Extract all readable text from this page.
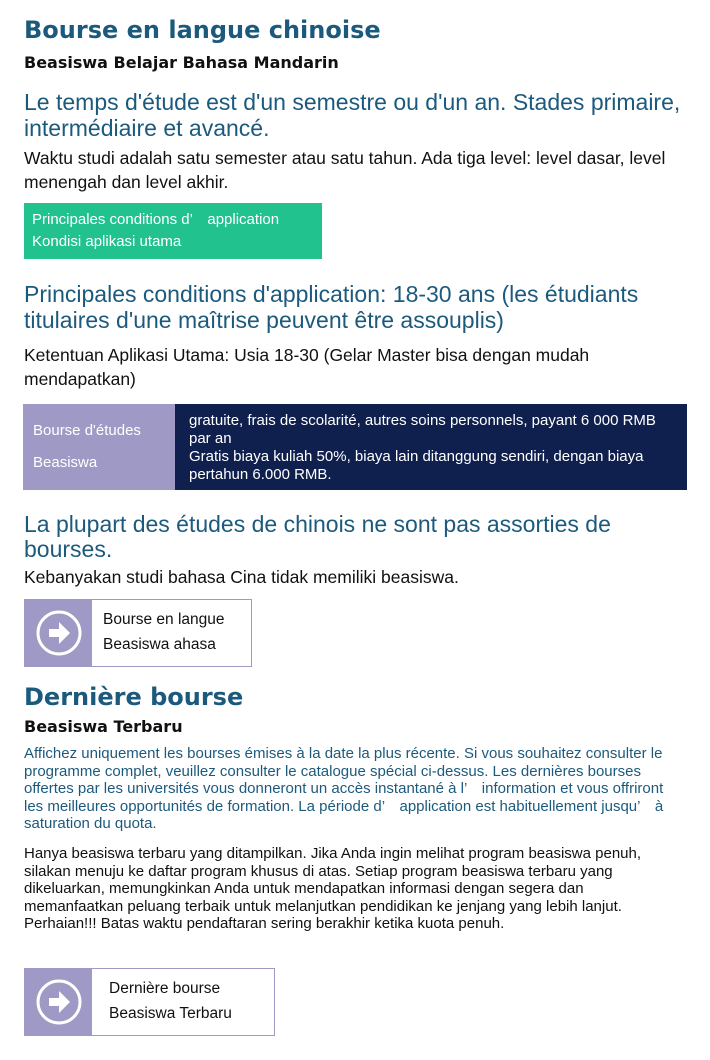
Bourse en langue chinoise
Beasiswa Belajar Bahasa Mandarin
Le temps d'étude est d'un semestre ou d'un an. Stades primaire, intermédiaire et avancé.
Waktu studi adalah satu semester atau satu tahun. Ada tiga level: level dasar, level menengah dan level akhir.
Principales conditions d’　application
Kondisi aplikasi utama
Principales conditions d'application: 18-30 ans (les étudiants titulaires d'une maîtrise peuvent être assouplis)
Ketentuan Aplikasi Utama: Usia 18-30 (Gelar Master bisa dengan mudah mendapatkan)
Bourse d'études
Beasiswa
gratuite, frais de scolarité, autres soins personnels, payant 6 000 RMB par an
Gratis biaya kuliah 50%, biaya lain ditanggung sendiri, dengan biaya pertahun 6.000 RMB.
La plupart des études de chinois ne sont pas assorties de bourses.
Kebanyakan studi bahasa Cina tidak memiliki beasiswa.
Bourse en langue
Beasiswa ahasa
Dernière bourse
Beasiswa Terbaru
Affichez uniquement les bourses émises à la date la plus récente. Si vous souhaitez consulter le programme complet, veuillez consulter le catalogue spécial ci-dessus. Les dernières bourses offertes par les universités vous donneront un accès instantané à l’　information et vous offriront les meilleures opportunités de formation. La période d’　application est habituellement jusqu’　à saturation du quota.
Hanya beasiswa terbaru yang ditampilkan. Jika Anda ingin melihat program beasiswa penuh, silakan menuju ke daftar program khusus di atas. Setiap program beasiswa terbaru yang dikeluarkan, memungkinkan Anda untuk mendapatkan informasi dengan segera dan memanfaatkan peluang terbaik untuk melanjutkan pendidikan ke jenjang yang lebih lanjut. Perhaian!!! Batas waktu pendaftaran sering berakhir ketika kuota penuh.
Dernière bourse
Beasiswa Terbaru
